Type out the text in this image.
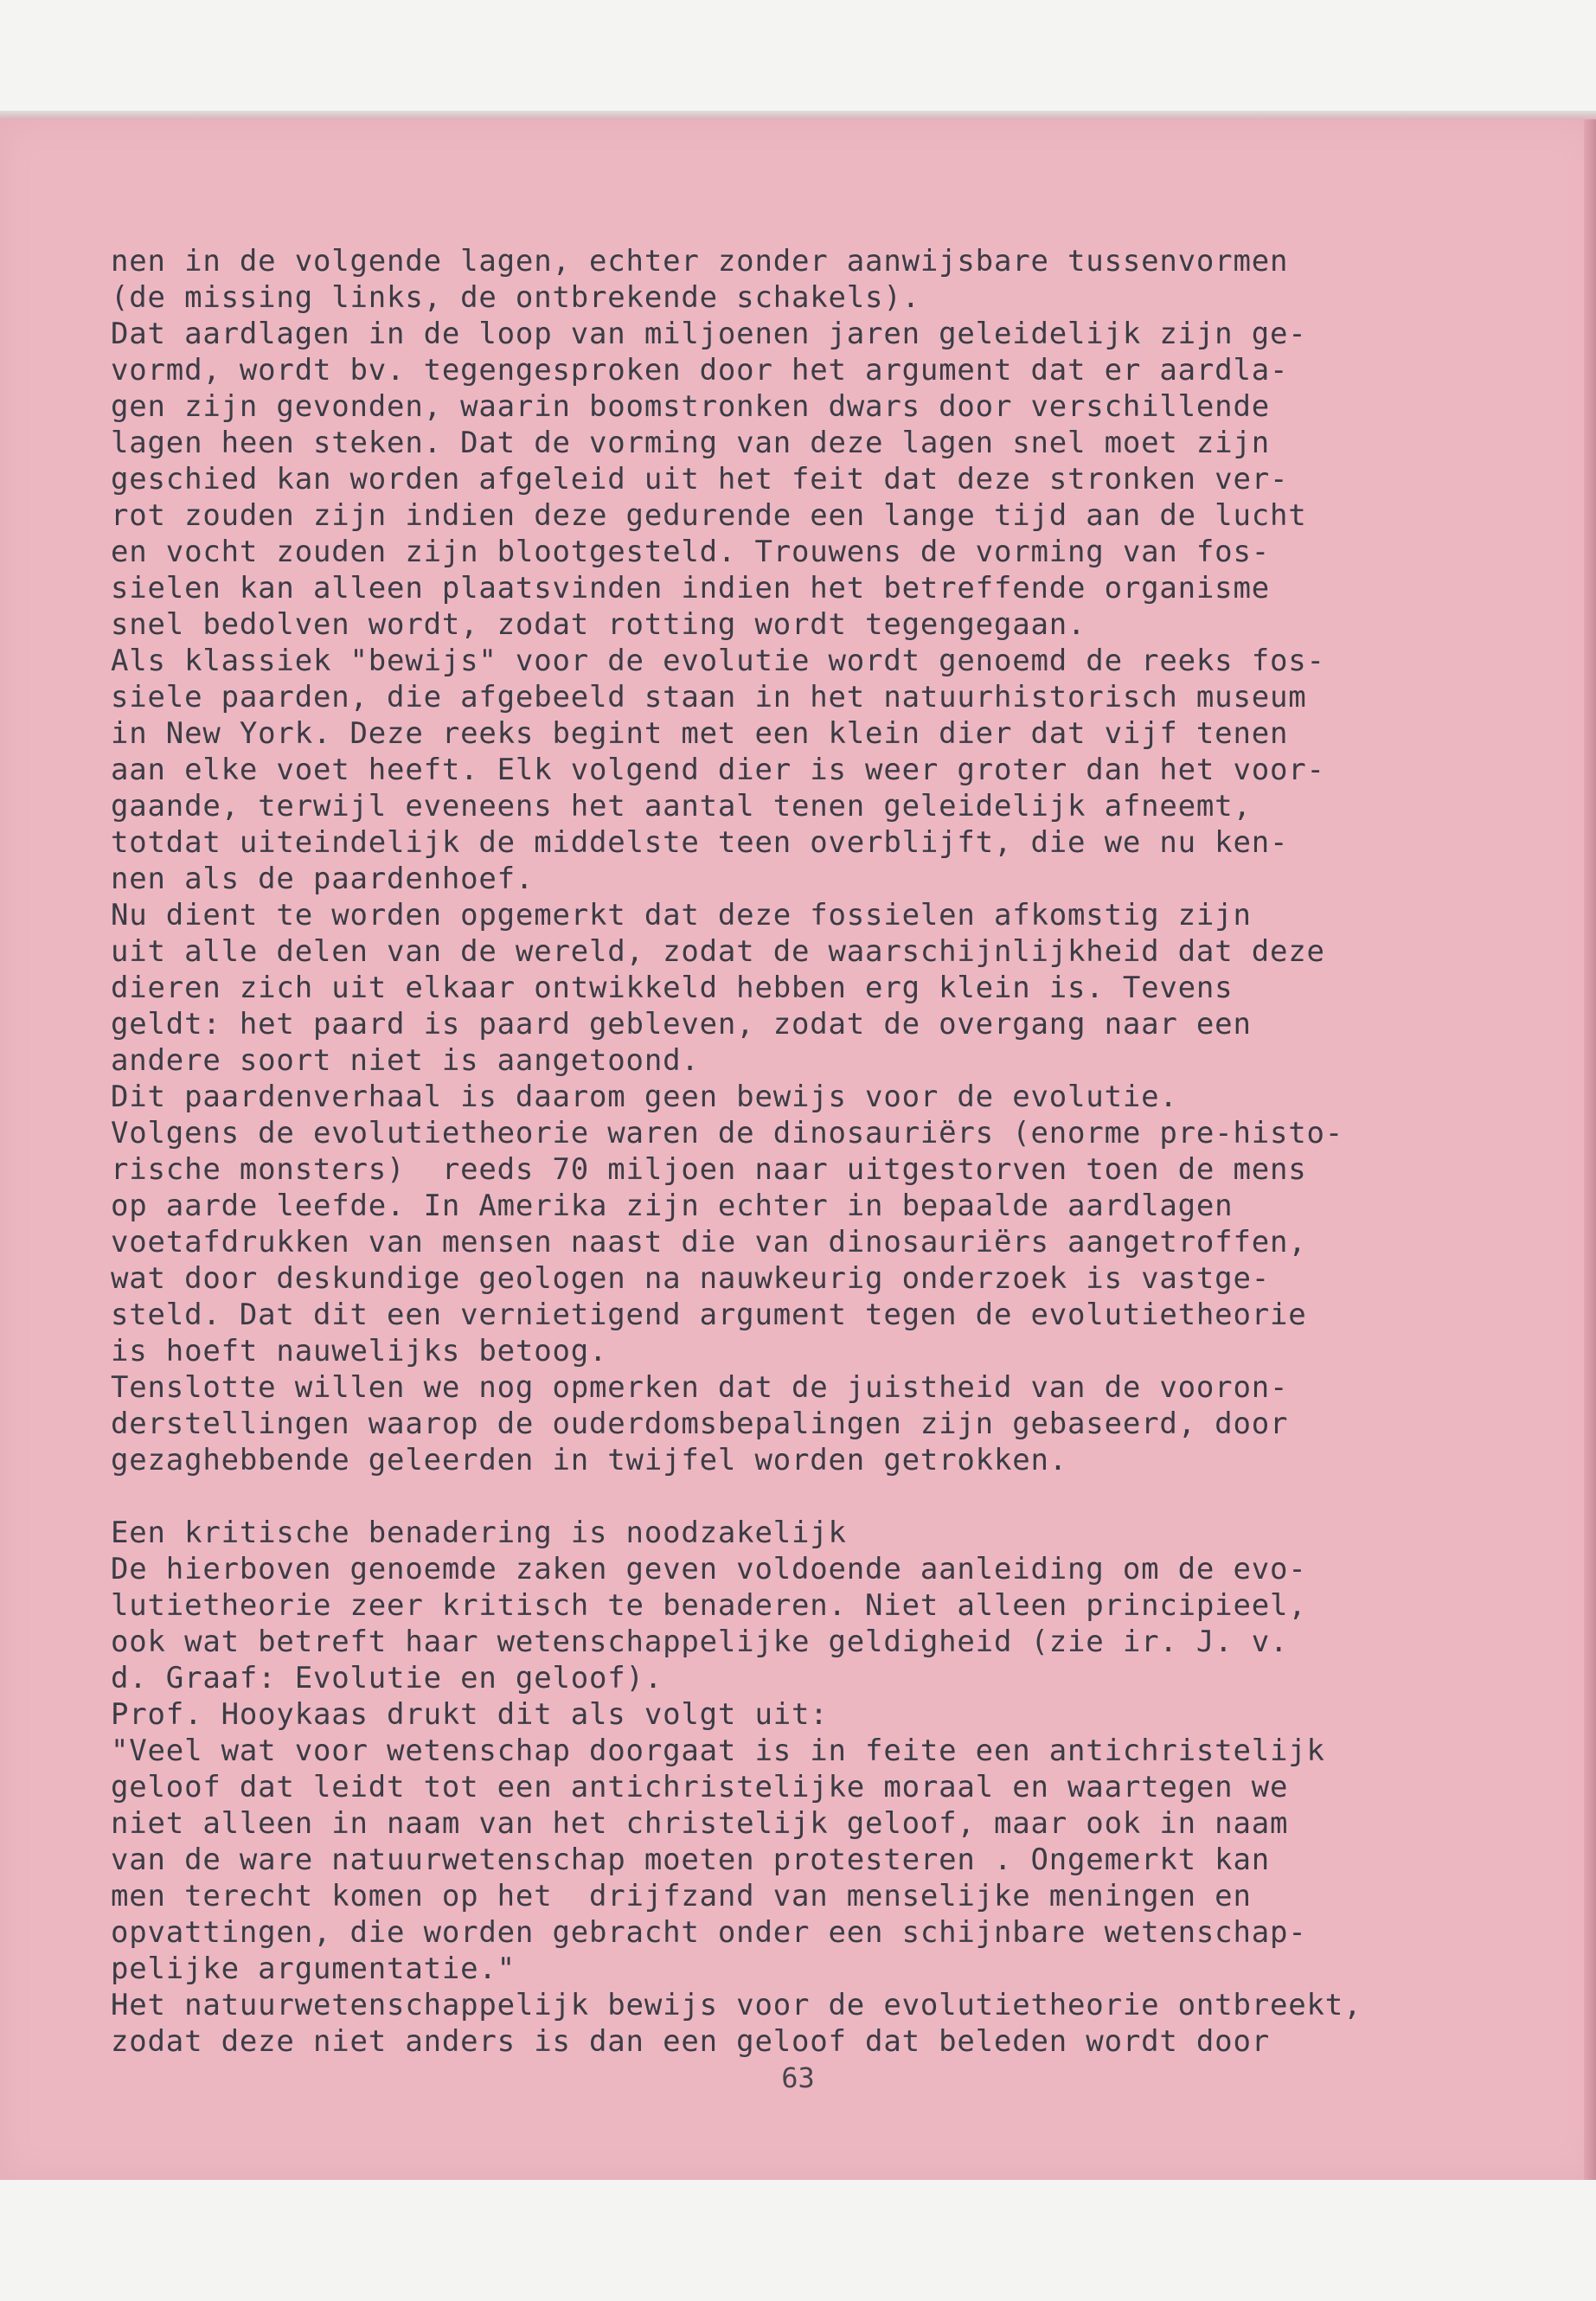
nen in de volgende lagen, echter zonder aanwijsbare tussenvormen
(de missing links, de ontbrekende schakels).
Dat aardlagen in de loop van miljoenen jaren geleidelijk zijn ge-
vormd, wordt bv. tegengesproken door het argument dat er aardla-
gen zijn gevonden, waarin boomstronken dwars door verschillende
lagen heen steken. Dat de vorming van deze lagen snel moet zijn
geschied kan worden afgeleid uit het feit dat deze stronken ver-
rot zouden zijn indien deze gedurende een lange tijd aan de lucht
en vocht zouden zijn blootgesteld. Trouwens de vorming van fos-
sielen kan alleen plaatsvinden indien het betreffende organisme
snel bedolven wordt, zodat rotting wordt tegengegaan.
Als klassiek "bewijs" voor de evolutie wordt genoemd de reeks fos-
siele paarden, die afgebeeld staan in het natuurhistorisch museum
in New York. Deze reeks begint met een klein dier dat vijf tenen
aan elke voet heeft. Elk volgend dier is weer groter dan het voor-
gaande, terwijl eveneens het aantal tenen geleidelijk afneemt,
totdat uiteindelijk de middelste teen overblijft, die we nu ken-
nen als de paardenhoef.
Nu dient te worden opgemerkt dat deze fossielen afkomstig zijn
uit alle delen van de wereld, zodat de waarschijnlijkheid dat deze
dieren zich uit elkaar ontwikkeld hebben erg klein is. Tevens
geldt: het paard is paard gebleven, zodat de overgang naar een
andere soort niet is aangetoond.
Dit paardenverhaal is daarom geen bewijs voor de evolutie.
Volgens de evolutietheorie waren de dinosauriërs (enorme pre-histo-
rische monsters)  reeds 70 miljoen naar uitgestorven toen de mens
op aarde leefde. In Amerika zijn echter in bepaalde aardlagen
voetafdrukken van mensen naast die van dinosauriërs aangetroffen,
wat door deskundige geologen na nauwkeurig onderzoek is vastge-
steld. Dat dit een vernietigend argument tegen de evolutietheorie
is hoeft nauwelijks betoog.
Tenslotte willen we nog opmerken dat de juistheid van de vooron-
derstellingen waarop de ouderdomsbepalingen zijn gebaseerd, door
gezaghebbende geleerden in twijfel worden getrokken.
Een kritische benadering is noodzakelijk
De hierboven genoemde zaken geven voldoende aanleiding om de evo-
lutietheorie zeer kritisch te benaderen. Niet alleen principieel,
ook wat betreft haar wetenschappelijke geldigheid (zie ir. J. v.
d. Graaf: Evolutie en geloof).
Prof. Hooykaas drukt dit als volgt uit:
"Veel wat voor wetenschap doorgaat is in feite een antichristelijk
geloof dat leidt tot een antichristelijke moraal en waartegen we
niet alleen in naam van het christelijk geloof, maar ook in naam
van de ware natuurwetenschap moeten protesteren . Ongemerkt kan
men terecht komen op het  drijfzand van menselijke meningen en
opvattingen, die worden gebracht onder een schijnbare wetenschap-
pelijke argumentatie."
Het natuurwetenschappelijk bewijs voor de evolutietheorie ontbreekt,
zodat deze niet anders is dan een geloof dat beleden wordt door
63
